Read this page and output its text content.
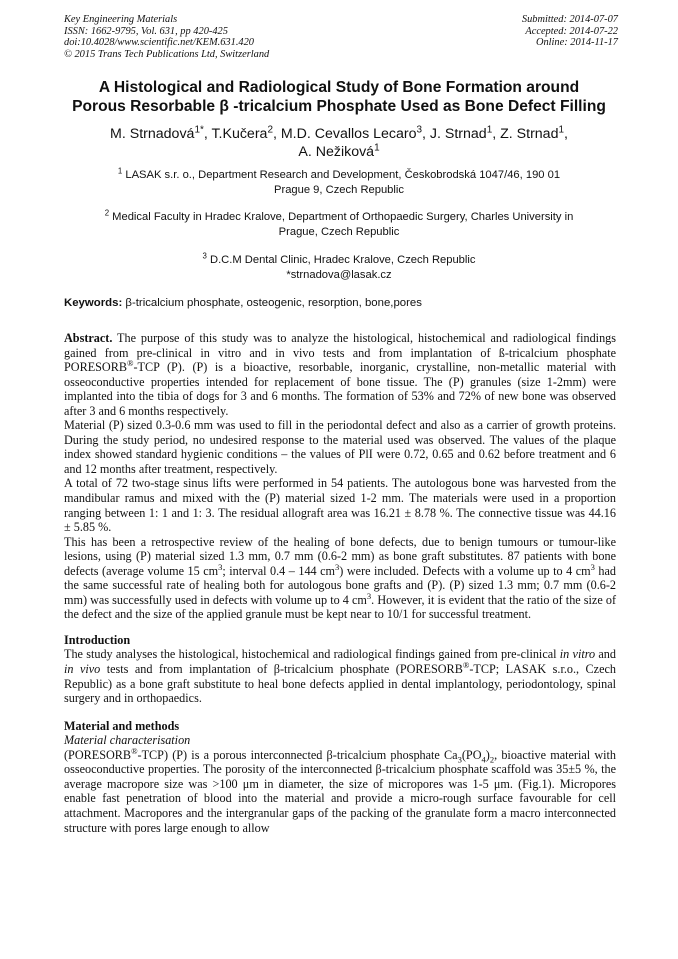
Key Engineering Materials
ISSN: 1662-9795, Vol. 631, pp 420-425
doi:10.4028/www.scientific.net/KEM.631.420
© 2015 Trans Tech Publications Ltd, Switzerland
Submitted: 2014-07-07
Accepted: 2014-07-22
Online: 2014-11-17
A Histological and Radiological Study of Bone Formation around
Porous Resorbable β -tricalcium Phosphate Used as Bone Defect Filling
M. Strnadová$^{1*}$, T.Kučera$^2$, M.D. Cevallos Lecaro$^3$, J. Strnad$^1$, Z. Strnad$^1$,
A. Nežiková$^1$
$^1$ LASAK s.r. o., Department Research and Development, Českobrodská 1047/46, 190 01
Prague 9, Czech Republic
$^2$ Medical Faculty in Hradec Kralove, Department of Orthopaedic Surgery, Charles University in
Prague, Czech Republic
$^3$ D.C.M Dental Clinic, Hradec Kralove, Czech Republic
*strnadova@lasak.cz
Keywords: β-tricalcium phosphate, osteogenic, resorption, bone,pores

Abstract. The purpose of this study was to analyze the histological, histochemical and radiological findings gained from pre-clinical in vitro and in vivo tests and from implantation of ß-tricalcium phosphate PORESORB®-TCP (P). (P) is a bioactive, resorbable, inorganic, crystalline, non-metallic material with osseoconductive properties intended for replacement of bone tissue. The (P) granules (size 1-2mm) were implanted into the tibia of dogs for 3 and 6 months. The formation of 53% and 72% of new bone was observed after 3 and 6 months respectively.

Material (P) sized 0.3-0.6 mm was used to fill in the periodontal defect and also as a carrier of growth proteins. During the study period, no undesired response to the material used was observed. The values of the plaque index showed standard hygienic conditions – the values of PlI were 0.72, 0.65 and 0.62 before treatment and 6 and 12 months after treatment, respectively.

A total of 72 two-stage sinus lifts were performed in 54 patients. The autologous bone was harvested from the mandibular ramus and mixed with the (P) material sized 1-2 mm. The materials were used in a proportion ranging between 1: 1 and 1: 3. The residual allograft area was 16.21 ± 8.78 %. The connective tissue was 44.16 ± 5.85 %.

This has been a retrospective review of the healing of bone defects, due to benign tumours or tumour-like lesions, using (P) material sized 1.3 mm, 0.7 mm (0.6-2 mm) as bone graft substitutes. 87 patients with bone defects (average volume 15 $cm^3$; interval 0.4 – 144 $cm^3$) were included. Defects with a volume up to 4 $cm^3$ had the same successful rate of healing both for autologous bone grafts and (P). (P) sized 1.3 mm; 0.7 mm (0.6-2 mm) was successfully used in defects with volume up to 4 $cm^3$. However, it is evident that the ratio of the size of the defect and the size of the applied granule must be kept near to 10/1 for successful treatment.

Introduction

The study analyses the histological, histochemical and radiological findings gained from pre-clinical in vitro and in vivo tests and from implantation of β-tricalcium phosphate (PORESORB®-TCP; LASAK s.r.o., Czech Republic) as a bone graft substitute to heal bone defects applied in dental implantology, periodontology, spinal surgery and in orthopaedics.

Material and methods

Material characterisation

(PORESORB®-TCP) (P) is a porous interconnected β-tricalcium phosphate $Ca_3(PO_4)_2$, bioactive material with osseoconductive properties. The porosity of the interconnected β-tricalcium phosphate scaffold was 35±5 %, the average macropore size was >100 μm in diameter, the size of micropores was 1-5 μm. (Fig.1). Micropores enable fast penetration of blood into the material and provide a micro-rough surface favourable for cell attachment. Macropores and the intergranular gaps of the packing of the granulate form a macro interconnected structure with pores large enough to allow
